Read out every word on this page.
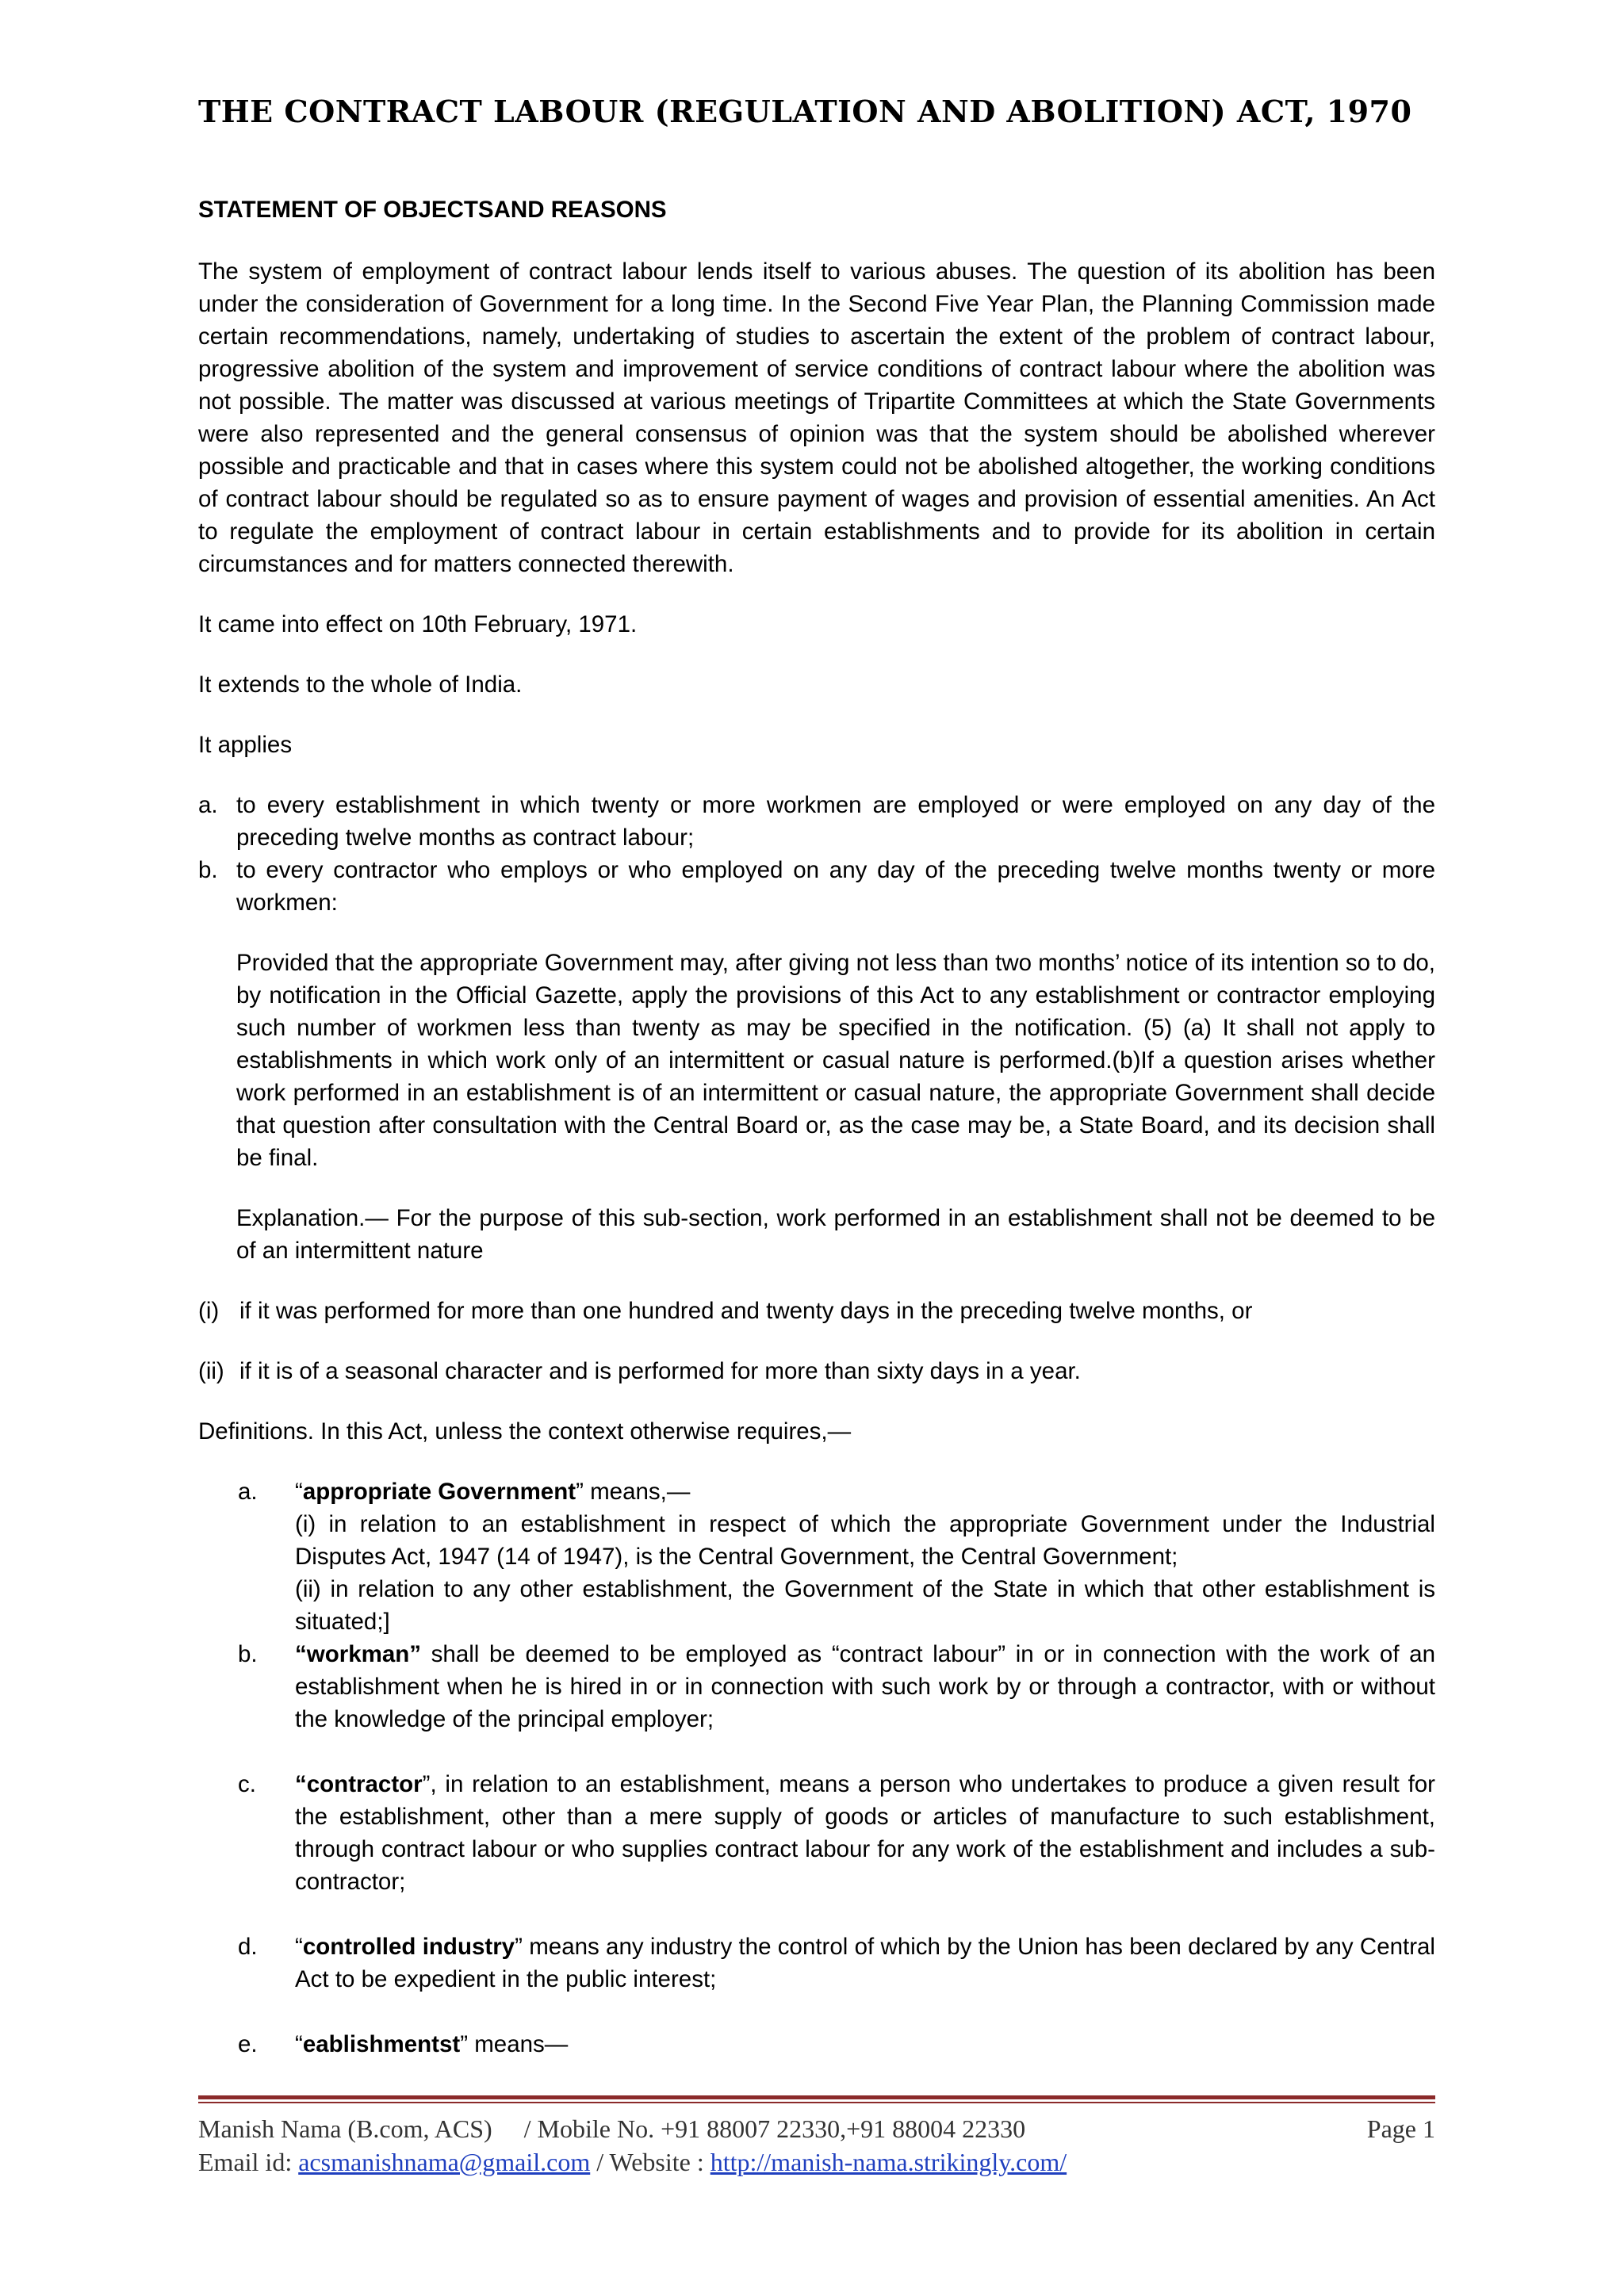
THE CONTRACT LABOUR (REGULATION AND ABOLITION) ACT, 1970
STATEMENT OF OBJECTSAND REASONS

The system of employment of contract labour lends itself to various abuses. The question of its abolition has been under the consideration of Government for a long time. In the Second Five Year Plan, the Planning Commission made certain recommendations, namely, undertaking of studies to ascertain the extent of the problem of contract labour, progressive abolition of the system and improvement of service conditions of contract labour where the abolition was not possible. The matter was discussed at various meetings of Tripartite Committees at which the State Governments were also represented and the general consensus of opinion was that the system should be abolished wherever possible and practicable and that in cases where this system could not be abolished altogether, the working conditions of contract labour should be regulated so as to ensure payment of wages and provision of essential amenities. An Act to regulate the employment of contract labour in certain establishments and to provide for its abolition in certain circumstances and for matters connected therewith.

It came into effect on 10th February, 1971.

It extends to the whole of India.

It applies

a. to every establishment in which twenty or more workmen are employed or were employed on any day of the preceding twelve months as contract labour;
b. to every contractor who employs or who employed on any day of the preceding twelve months twenty or more workmen:

Provided that the appropriate Government may, after giving not less than two months’ notice of its intention so to do, by notification in the Official Gazette, apply the provisions of this Act to any establishment or contractor employing such number of workmen less than twenty as may be specified in the notification. (5) (a) It shall not apply to establishments in which work only of an intermittent or casual nature is performed.(b)If a question arises whether work performed in an establishment is of an intermittent or casual nature, the appropriate Government shall decide that question after consultation with the Central Board or, as the case may be, a State Board, and its decision shall be final.

Explanation.— For the purpose of this sub-section, work performed in an establishment shall not be deemed to be of an intermittent nature

(i) if it was performed for more than one hundred and twenty days in the preceding twelve months, or
(ii) if it is of a seasonal character and is performed for more than sixty days in a year.

Definitions. In this Act, unless the context otherwise requires,—

a. “appropriate Government” means,—
(i) in relation to an establishment in respect of which the appropriate Government under the Industrial Disputes Act, 1947 (14 of 1947), is the Central Government, the Central Government;
(ii) in relation to any other establishment, the Government of the State in which that other establishment is situated;]
b. “workman” shall be deemed to be employed as “contract labour” in or in connection with the work of an establishment when he is hired in or in connection with such work by or through a contractor, with or without the knowledge of the principal employer;
c. “contractor”, in relation to an establishment, means a person who undertakes to produce a given result for the establishment, other than a mere supply of goods or articles of manufacture to such establishment, through contract labour or who supplies contract labour for any work of the establishment and includes a sub-contractor;
d. “controlled industry” means any industry the control of which by the Union has been declared by any Central Act to be expedient in the public interest;
e. “eablishmentst” means—
Manish Nama (B.com, ACS)     / Mobile No. +91 88007 22330,+91 88004 22330	Page 1
Email id: acsmanishnama@gmail.com / Website : http://manish-nama.strikingly.com/
